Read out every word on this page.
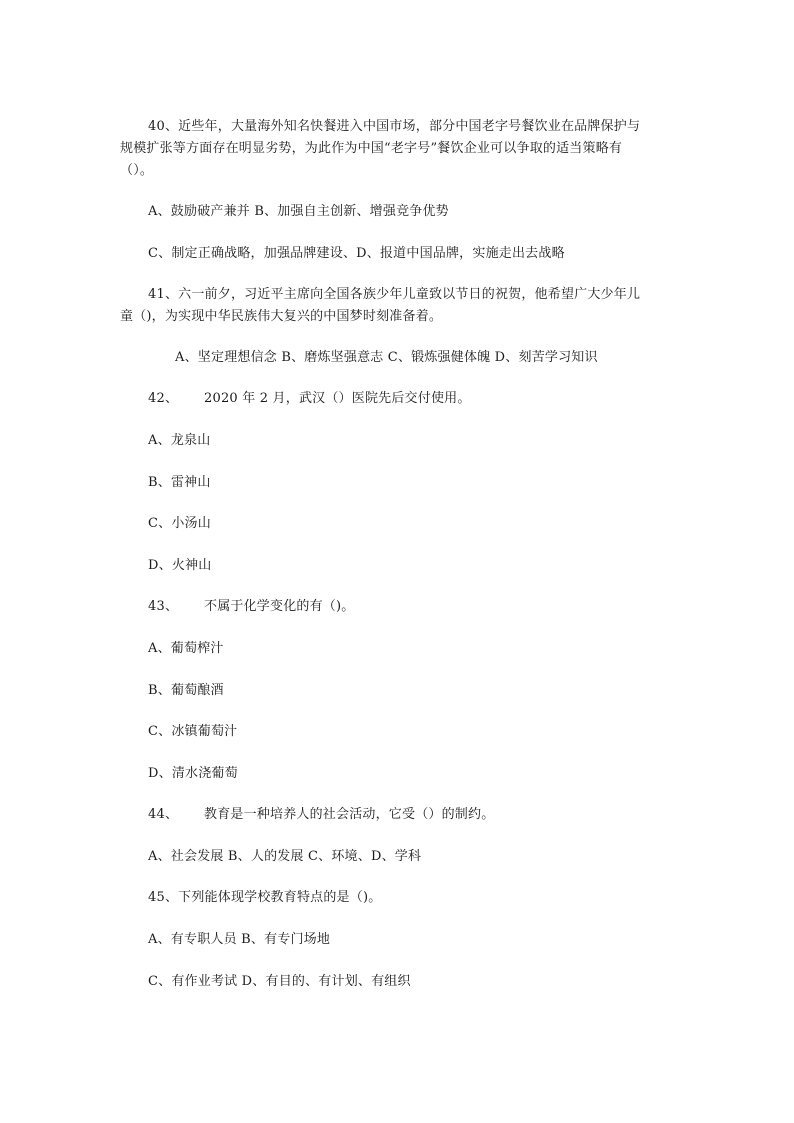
40、近些年，大量海外知名快餐进入中国市场，部分中国老字号餐饮业在品牌保护与
规模扩张等方面存在明显劣势，为此作为中国“老字号”餐饮企业可以争取的适当策略有
（）。
A、鼓励破产兼并 B、加强自主创新、增强竞争优势
C、制定正确战略，加强品牌建设、D、报道中国品牌，实施走出去战略
41、六一前夕，习近平主席向全国各族少年儿童致以节日的祝贺，他希望广大少年儿
童（)，为实现中华民族伟大复兴的中国梦时刻准备着。
A、坚定理想信念 B、磨炼坚强意志 C、锻炼强健体魄 D、刻苦学习知识
42、 2020 年 2 月，武汉（）医院先后交付使用。
A、龙泉山
B、雷神山
C、小汤山
D、火神山
43、 不属于化学变化的有（)。
A、葡萄榨汁
B、葡萄酿酒
C、冰镇葡萄汁
D、清水浇葡萄
44、 教育是一种培养人的社会活动，它受（）的制约。
A、社会发展 B、人的发展 C、环境、D、学科
45、下列能体现学校教育特点的是（)。
A、有专职人员 B、有专门场地
C、有作业考试 D、有目的、有计划、有组织
